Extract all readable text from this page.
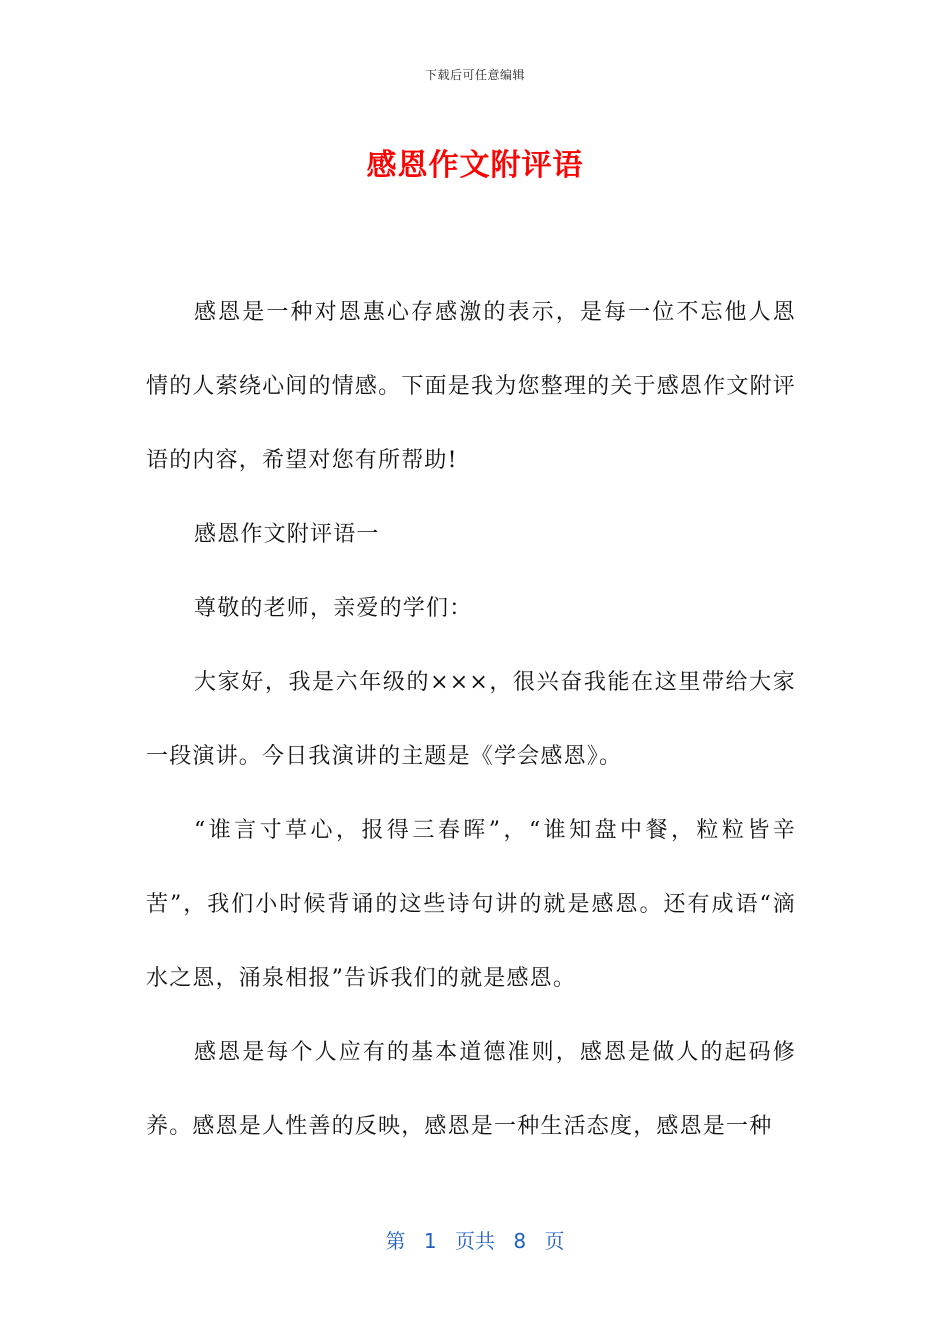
下载后可任意编辑
感恩作文附评语

感恩是一种对恩惠心存感激的表示，是每一位不忘他人恩情的人萦绕心间的情感。下面是我为您整理的关于感恩作文附评语的内容，希望对您有所帮助!

感恩作文附评语一

尊敬的老师，亲爱的学们：

大家好，我是六年级的×××，很兴奋我能在这里带给大家一段演讲。今日我演讲的主题是《学会感恩》。

“谁言寸草心，报得三春晖”，“谁知盘中餐，粒粒皆辛苦”，我们小时候背诵的这些诗句讲的就是感恩。还有成语“滴水之恩，涌泉相报”告诉我们的就是感恩。

感恩是每个人应有的基本道德准则，感恩是做人的起码修养。感恩是人性善的反映，感恩是一种生活态度，感恩是一种

第 1 页共 8 页
